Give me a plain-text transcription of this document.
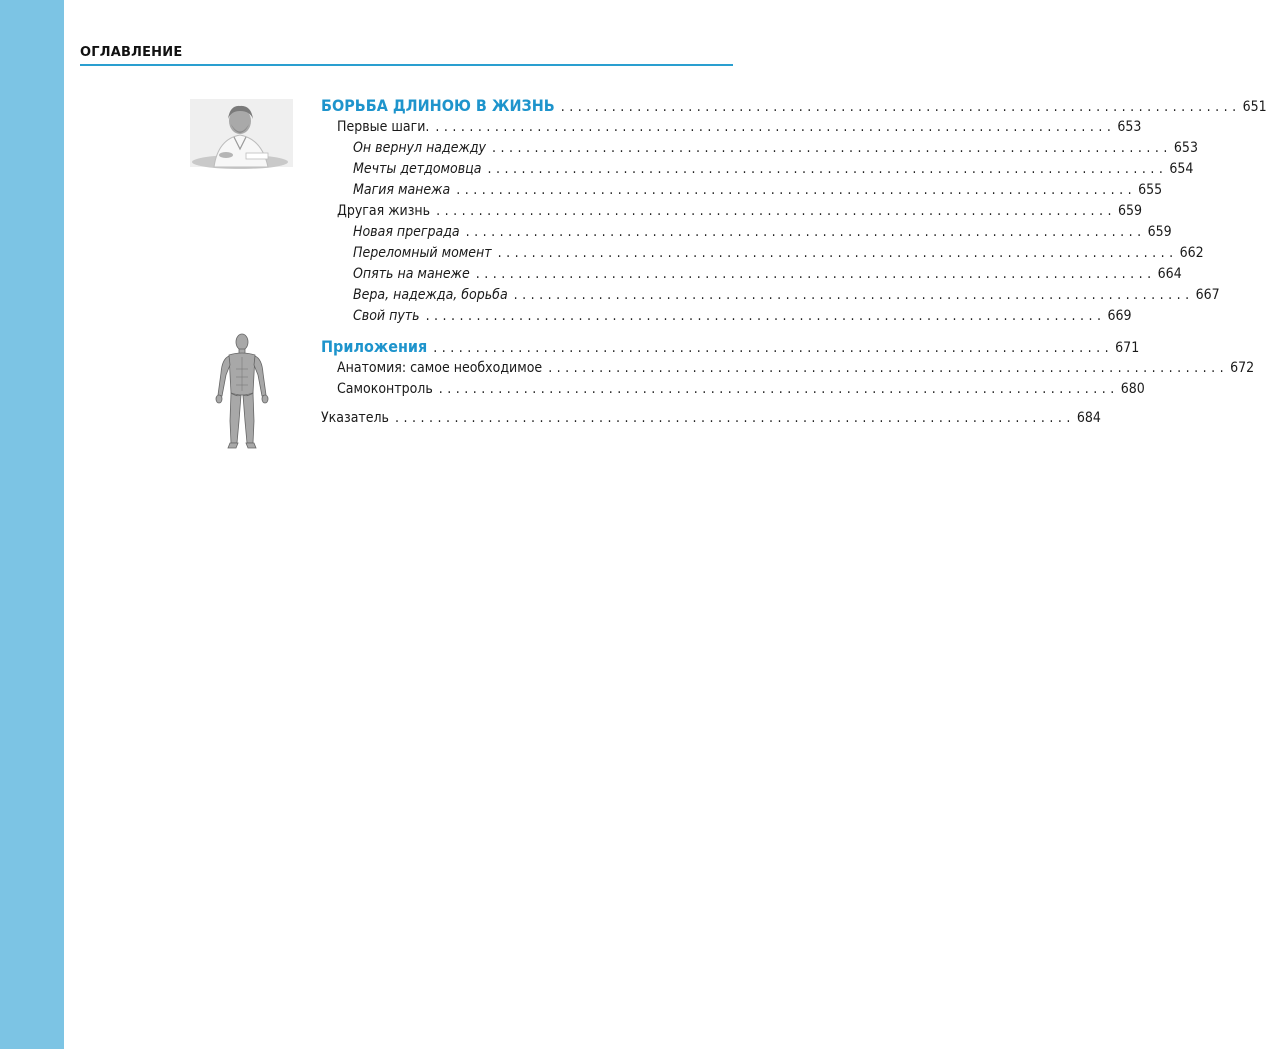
ОГЛАВЛЕНИЕ
БОРЬБА ДЛИНОЮ В ЖИЗНЬ ................................................................................ 651
Первые шаги. ................................................................................ 653
Он вернул надежду ................................................................................ 653
Мечты детдомовца ................................................................................ 654
Магия манежа ................................................................................ 655
Другая жизнь ................................................................................ 659
Новая преграда ................................................................................ 659
Переломный момент ................................................................................ 662
Опять на манеже ................................................................................ 664
Вера, надежда, борьба ................................................................................ 667
Свой путь ................................................................................ 669
Приложения ................................................................................ 671
Анатомия: самое необходимое ................................................................................ 672
Самоконтроль ................................................................................ 680
Указатель ................................................................................ 684
